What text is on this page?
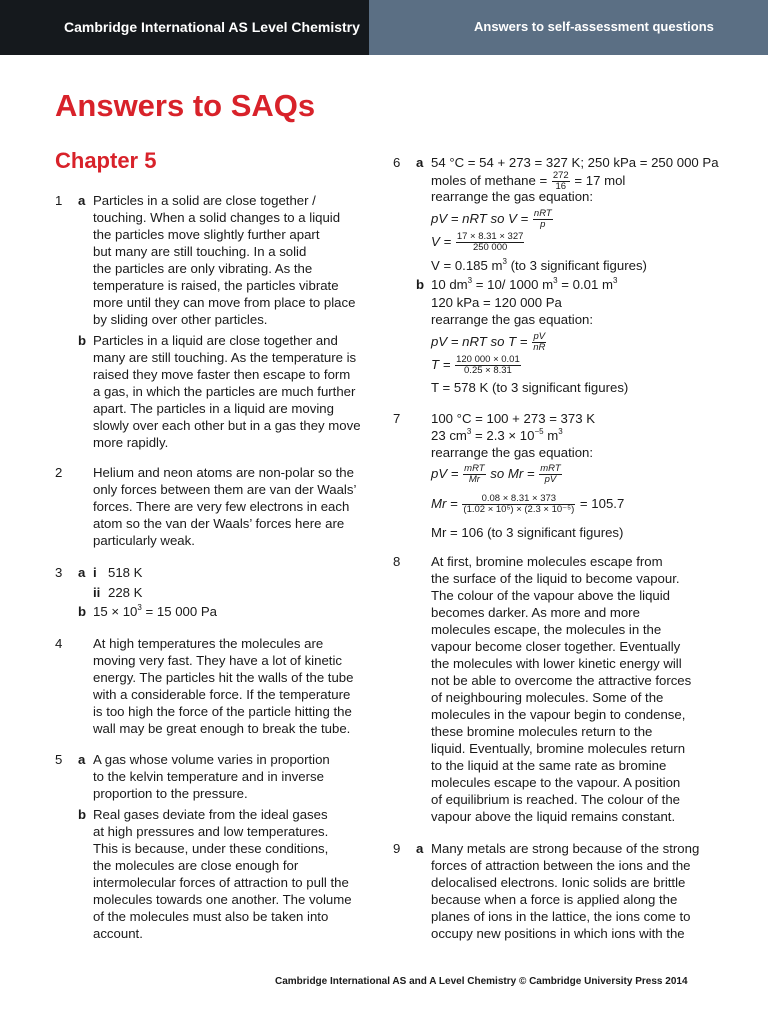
Cambridge International AS Level Chemistry	Answers to self-assessment questions
Answers to SAQs
Chapter 5
1 a Particles in a solid are close together /
touching. When a solid changes to a liquid
the particles move slightly further apart
but many are still touching. In a solid
the particles are only vibrating. As the
temperature is raised, the particles vibrate
more until they can move from place to place
by sliding over other particles.
b Particles in a liquid are close together and
many are still touching. As the temperature is
raised they move faster then escape to form
a gas, in which the particles are much further
apart. The particles in a liquid are moving
slowly over each other but in a gas they move
more rapidly.
2 Helium and neon atoms are non-polar so the
only forces between them are van der Waals’
forces. There are very few electrons in each
atom so the van der Waals’ forces here are
particularly weak.
3 a i 518 K
ii 228 K
b $15 \times 10^3 = 15$ 000 Pa
4 At high temperatures the molecules are
moving very fast. They have a lot of kinetic
energy. The particles hit the walls of the tube
with a considerable force. If the temperature
is too high the force of the particle hitting the
wall may be great enough to break the tube.
5 a A gas whose volume varies in proportion
to the kelvin temperature and in inverse
proportion to the pressure.
b Real gases deviate from the ideal gases
at high pressures and low temperatures.
This is because, under these conditions,
the molecules are close enough for
intermolecular forces of attraction to pull the
molecules towards one another. The volume
of the molecules must also be taken into
account.
6 a 54 °C = 54 + 273 = 327 K; 250 kPa = 250 000 Pa
moles of methane = $\frac{272}{16} = 17$ mol
rearrange the gas equation:
pV = nRT so $V = \frac{\text{nRT}}{p}$
$V = \frac{17 \times 8.31 \times 327}{250 000}$
V = 0.185 $m^3$ (to 3 significant figures)
b 10 $dm^3 = 10/$ 1000 $m^3 = 0.01$ $m^3$
120 kPa = 120 000 Pa
rearrange the gas equation:
pV = nRT so $T = \frac{pV}{nR}$
$T = \frac{120 000 \times 0.01}{0.25 \times 8.31}$
T = 578 K (to 3 significant figures)
7 100 °C = 100 + 273 = 373 K
23 $cm^3 = 2.3 \times 10^{-5}$ $m^3$
rearrange the gas equation:
pV = $\frac{\text{mRT}}{Mr}$ so $Mr = \frac{\text{mRT}}{pV}$
$Mr = \frac{0.08 \times 8.31 \times 373}{\text{(1.02 × 10⁵) × (2.3 × 10⁻⁵)}} = 105.7$
Mr = 106 (to 3 significant figures)
8 At first, bromine molecules escape from
the surface of the liquid to become vapour.
The colour of the vapour above the liquid
becomes darker. As more and more
molecules escape, the molecules in the
vapour become closer together. Eventually
the molecules with lower kinetic energy will
not be able to overcome the attractive forces
of neighbouring molecules. Some of the
molecules in the vapour begin to condense,
these bromine molecules return to the
liquid. Eventually, bromine molecules return
to the liquid at the same rate as bromine
molecules escape to the vapour. A position
of equilibrium is reached. The colour of the
vapour above the liquid remains constant.
9 a Many metals are strong because of the strong
forces of attraction between the ions and the
delocalised electrons. Ionic solids are brittle
because when a force is applied along the
planes of ions in the lattice, the ions come to
occupy new positions in which ions with the
Cambridge International AS and A Level Chemistry © Cambridge University Press 2014
